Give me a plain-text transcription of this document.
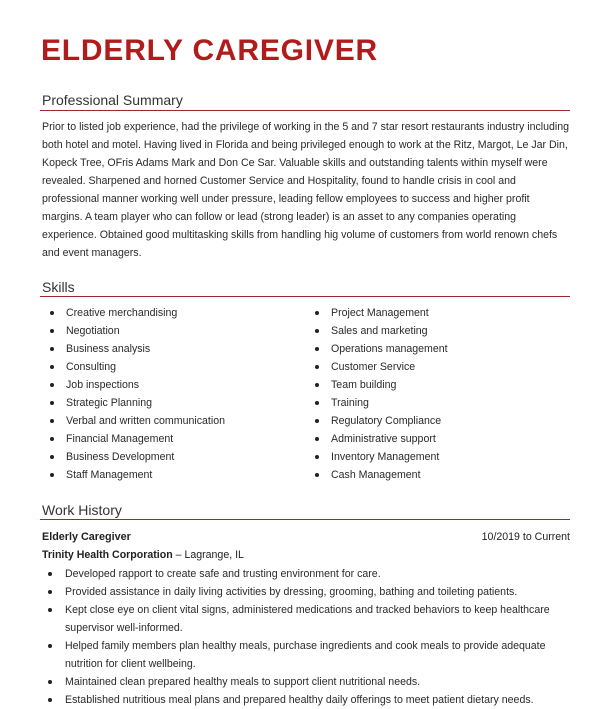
ELDERLY CAREGIVER
Professional Summary

Prior to listed job experience, had the privilege of working in the 5 and 7 star resort restaurants industry including both hotel and motel. Having lived in Florida and being privileged enough to work at the Ritz, Margot, Le Jar Din, Kopeck Tree, OFris Adams Mark and Don Ce Sar. Valuable skills and outstanding talents within myself were revealed. Sharpened and horned Customer Service and Hospitality, found to handle crisis in cool and professional manner working well under pressure, leading fellow employees to success and higher profit margins. A team player who can follow or lead (strong leader) is an asset to any companies operating experience. Obtained good multitasking skills from handling hig volume of customers from world renown chefs and event managers.

Skills
Creative merchandising
Negotiation
Business analysis
Consulting
Job inspections
Strategic Planning
Verbal and written communication
Financial Management
Business Development
Staff Management
Project Management
Sales and marketing
Operations management
Customer Service
Team building
Training
Regulatory Compliance
Administrative support
Inventory Management
Cash Management
Work History
Elderly Caregiver	10/2019 to Current
Trinity Health Corporation – Lagrange, IL
Developed rapport to create safe and trusting environment for care.
Provided assistance in daily living activities by dressing, grooming, bathing and toileting patients.
Kept close eye on client vital signs, administered medications and tracked behaviors to keep healthcare supervisor well-informed.
Helped family members plan healthy meals, purchase ingredients and cook meals to provide adequate nutrition for client wellbeing.
Maintained clean prepared healthy meals to support client nutritional needs.
Established nutritious meal plans and prepared healthy daily offerings to meet patient dietary needs.
